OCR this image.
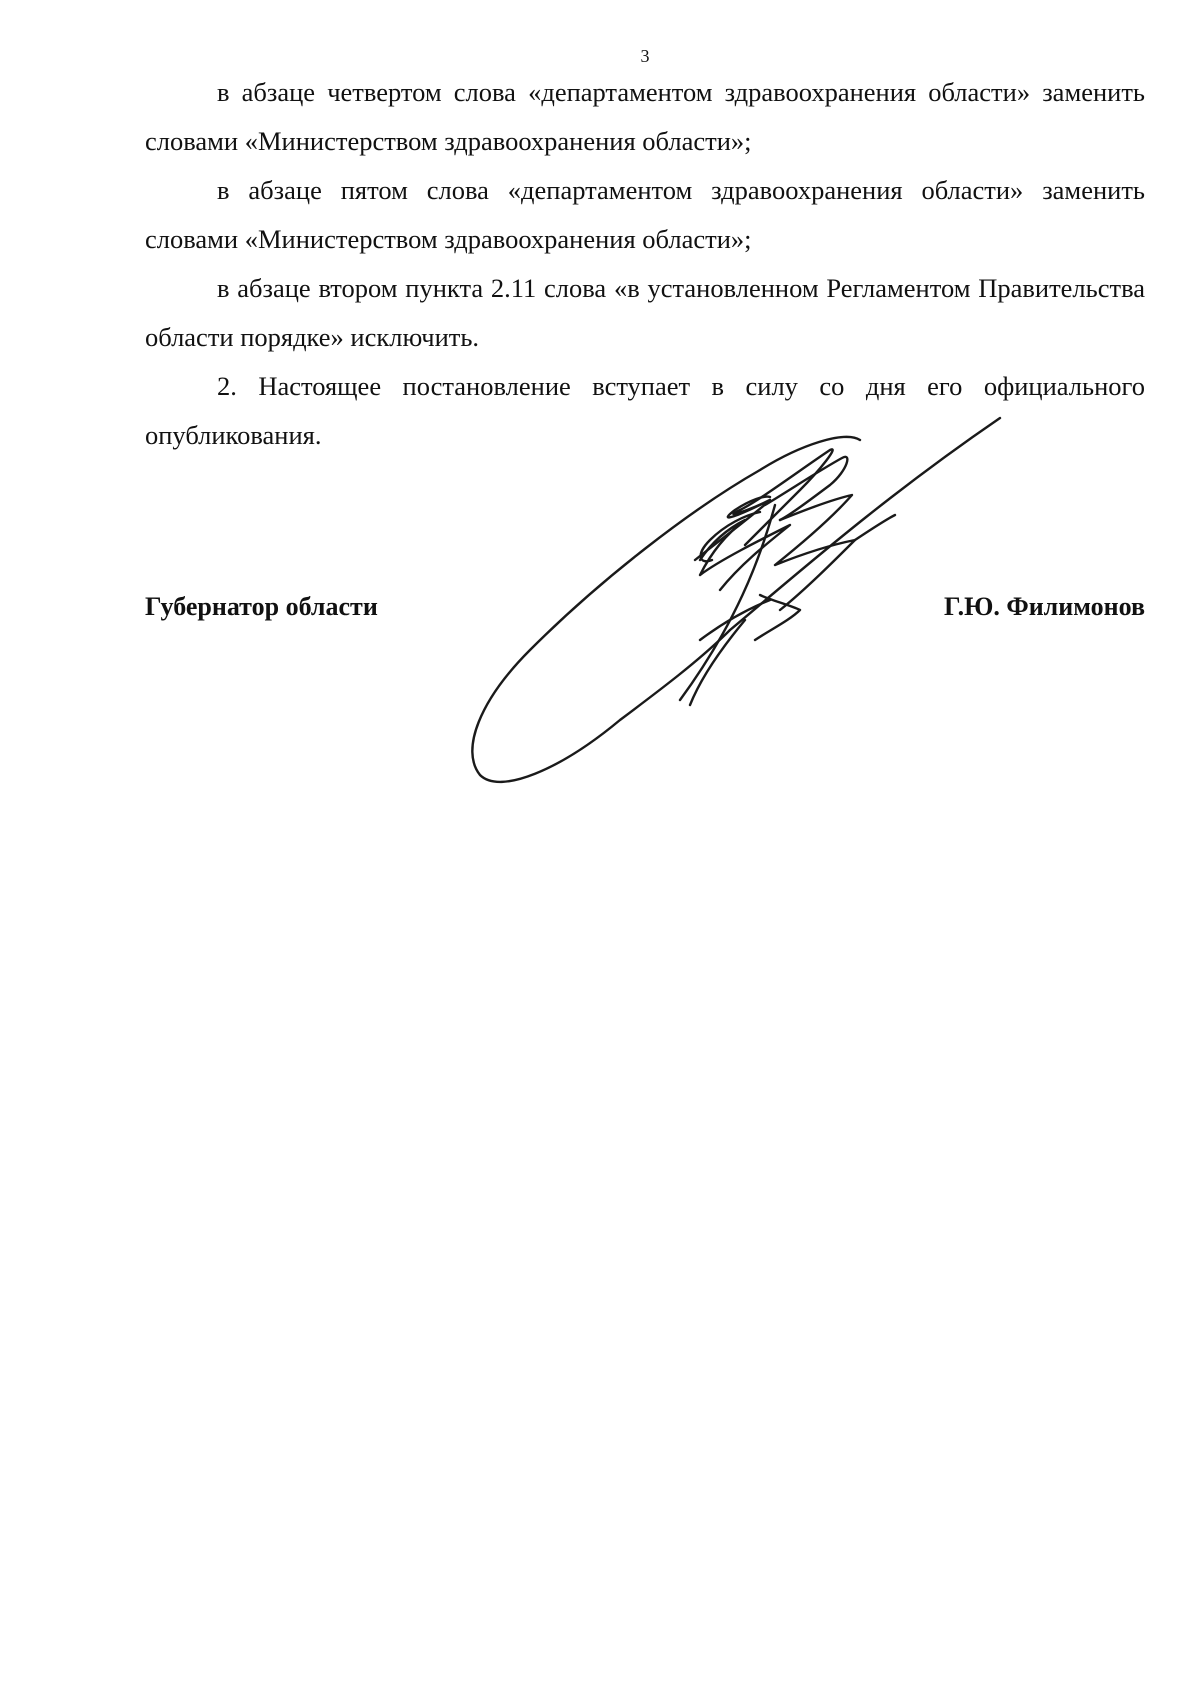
3

в абзаце четвертом слова «департаментом здравоохранения области» заменить словами «Министерством здравоохранения области»;

в абзаце пятом слова «департаментом здравоохранения области» заменить словами «Министерством здравоохранения области»;

в абзаце втором пункта 2.11 слова «в установленном Регламентом Правительства области порядке» исключить.

2. Настоящее постановление вступает в силу со дня его официального опубликования.

Губернатор области	Г.Ю. Филимонов
